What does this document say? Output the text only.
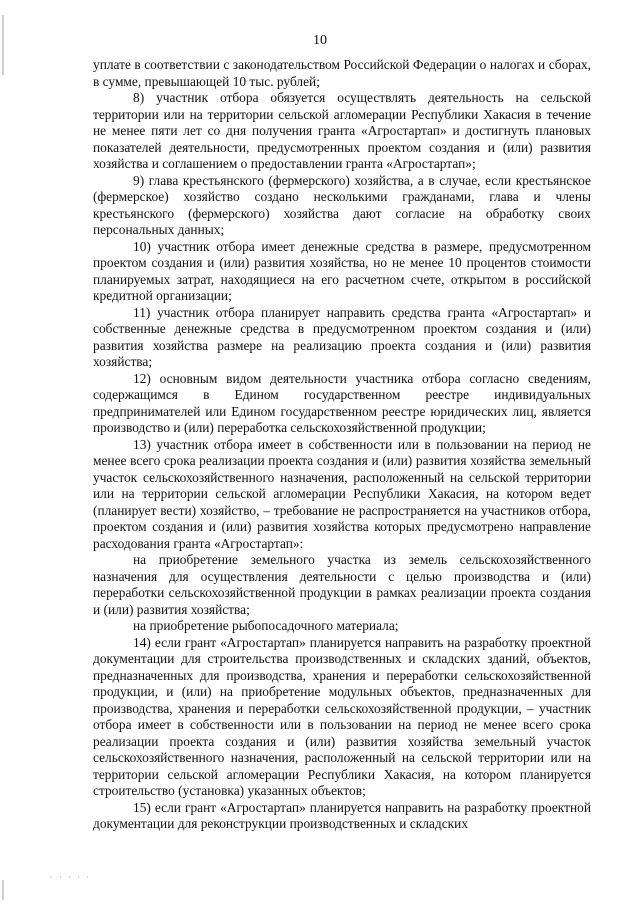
10

уплате в соответствии с законодательством Российской Федерации о налогах и сборах, в сумме, превышающей 10 тыс. рублей;

8) участник отбора обязуется осуществлять деятельность на сельской территории или на территории сельской агломерации Республики Хакасия в течение не менее пяти лет со дня получения гранта «Агростартап» и достигнуть плановых показателей деятельности, предусмотренных проектом создания и (или) развития хозяйства и соглашением о предоставлении гранта «Агростартап»;

9) глава крестьянского (фермерского) хозяйства, а в случае, если крестьянское (фермерское) хозяйство создано несколькими гражданами, глава и члены крестьянского (фермерского) хозяйства дают согласие на обработку своих персональных данных;

10) участник отбора имеет денежные средства в размере, предусмотренном проектом создания и (или) развития хозяйства, но не менее 10 процентов стоимости планируемых затрат, находящиеся на его расчетном счете, открытом в российской кредитной организации;

11) участник отбора планирует направить средства гранта «Агростартап» и собственные денежные средства в предусмотренном проектом создания и (или) развития хозяйства размере на реализацию проекта создания и (или) развития хозяйства;

12) основным видом деятельности участника отбора согласно сведениям, содержащимся в Едином государственном реестре индивидуальных предпринимателей или Едином государственном реестре юридических лиц, является производство и (или) переработка сельскохозяйственной продукции;

13) участник отбора имеет в собственности или в пользовании на период не менее всего срока реализации проекта создания и (или) развития хозяйства земельный участок сельскохозяйственного назначения, расположенный на сельской территории или на территории сельской агломерации Республики Хакасия, на котором ведет (планирует вести) хозяйство, – требование не распространяется на участников отбора, проектом создания и (или) развития хозяйства которых предусмотрено направление расходования гранта «Агростартап»:

на приобретение земельного участка из земель сельскохозяйственного назначения для осуществления деятельности с целью производства и (или) переработки сельскохозяйственной продукции в рамках реализации проекта создания и (или) развития хозяйства;

на приобретение рыбопосадочного материала;

14) если грант «Агростартап» планируется направить на разработку проектной документации для строительства производственных и складских зданий, объектов, предназначенных для производства, хранения и переработки сельскохозяйственной продукции, и (или) на приобретение модульных объектов, предназначенных для производства, хранения и переработки сельскохозяйственной продукции, – участник отбора имеет в собственности или в пользовании на период не менее всего срока реализации проекта создания и (или) развития хозяйства земельный участок сельскохозяйственного назначения, расположенный на сельской территории или на территории сельской агломерации Республики Хакасия, на котором планируется строительство (установка) указанных объектов;

15) если грант «Агростартап» планируется направить на разработку проектной документации для реконструкции производственных и складских

· · · · ·
